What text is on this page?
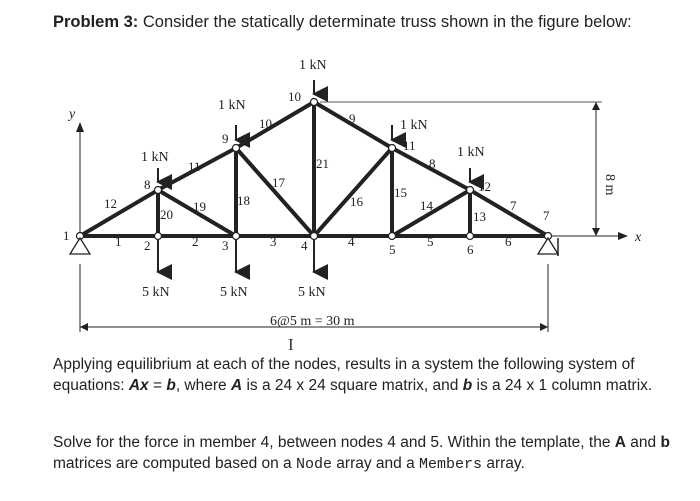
Problem 3: Consider the statically determinate truss shown in the figure below:
y
x
1 kN
1 kN
1 kN
1 kN
1 kN
5 kN	5 kN	5 kN
8 m
6@5 m = 30 m
1
2	3	4	5	6
7
8
9
10
11
12
1	2	3	4	5	6
7
8
9
10
11
12
13
14
15
16
17
18
19
20
21
I
Applying equilibrium at each of the nodes, results in a system the following system of equations: Ax = b, where A is a 24 x 24 square matrix, and b is a 24 x 1 column matrix.
Solve for the force in member 4, between nodes 4 and 5. Within the template, the A and b matrices are computed based on a Node array and a Members array.
